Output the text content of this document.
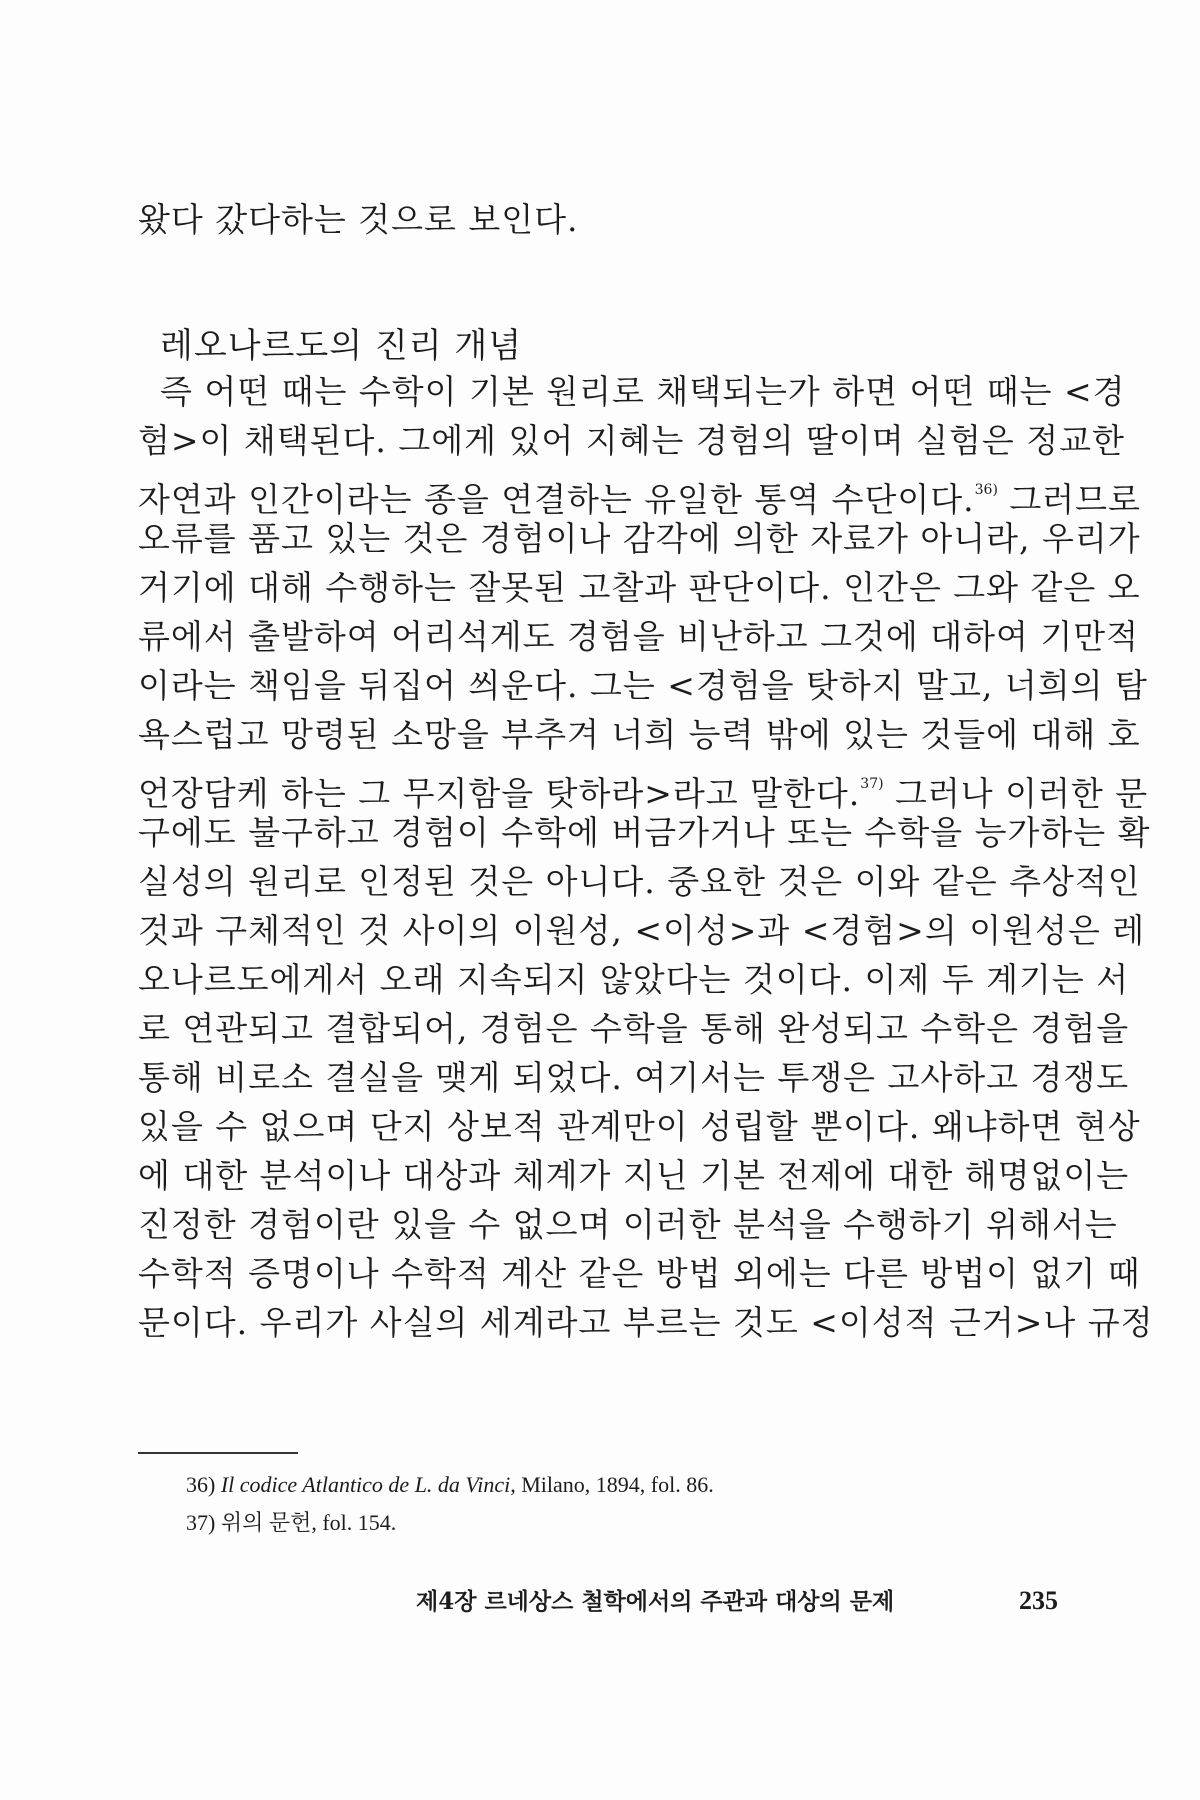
왔다 갔다하는 것으로 보인다.

레오나르도의 진리 개념

즉 어떤 때는 수학이 기본 원리로 채택되는가 하면 어떤 때는 <경

험>이 채택된다. 그에게 있어 지혜는 경험의 딸이며 실험은 정교한

자연과 인간이라는 종을 연결하는 유일한 통역 수단이다.$^{36)}$ 그러므로

오류를 품고 있는 것은 경험이나 감각에 의한 자료가 아니라, 우리가

거기에 대해 수행하는 잘못된 고찰과 판단이다. 인간은 그와 같은 오

류에서 출발하여 어리석게도 경험을 비난하고 그것에 대하여 기만적

이라는 책임을 뒤집어 씌운다. 그는 <경험을 탓하지 말고, 너희의 탐

욕스럽고 망령된 소망을 부추겨 너희 능력 밖에 있는 것들에 대해 호

언장담케 하는 그 무지함을 탓하라>라고 말한다.$^{37)}$ 그러나 이러한 문

구에도 불구하고 경험이 수학에 버금가거나 또는 수학을 능가하는 확

실성의 원리로 인정된 것은 아니다. 중요한 것은 이와 같은 추상적인

것과 구체적인 것 사이의 이원성, <이성>과 <경험>의 이원성은 레

오나르도에게서 오래 지속되지 않았다는 것이다. 이제 두 계기는 서

로 연관되고 결합되어, 경험은 수학을 통해 완성되고 수학은 경험을

통해 비로소 결실을 맺게 되었다. 여기서는 투쟁은 고사하고 경쟁도

있을 수 없으며 단지 상보적 관계만이 성립할 뿐이다. 왜냐하면 현상

에 대한 분석이나 대상과 체계가 지닌 기본 전제에 대한 해명없이는

진정한 경험이란 있을 수 없으며 이러한 분석을 수행하기 위해서는

수학적 증명이나 수학적 계산 같은 방법 외에는 다른 방법이 없기 때

문이다. 우리가 사실의 세계라고 부르는 것도 <이성적 근거>나 규정

36) Il codice Atlantico de L. da Vinci, Milano, 1894, fol. 86.

37) 위의 문헌, fol. 154.

제4장 르네상스 철학에서의 주관과 대상의 문제	235
